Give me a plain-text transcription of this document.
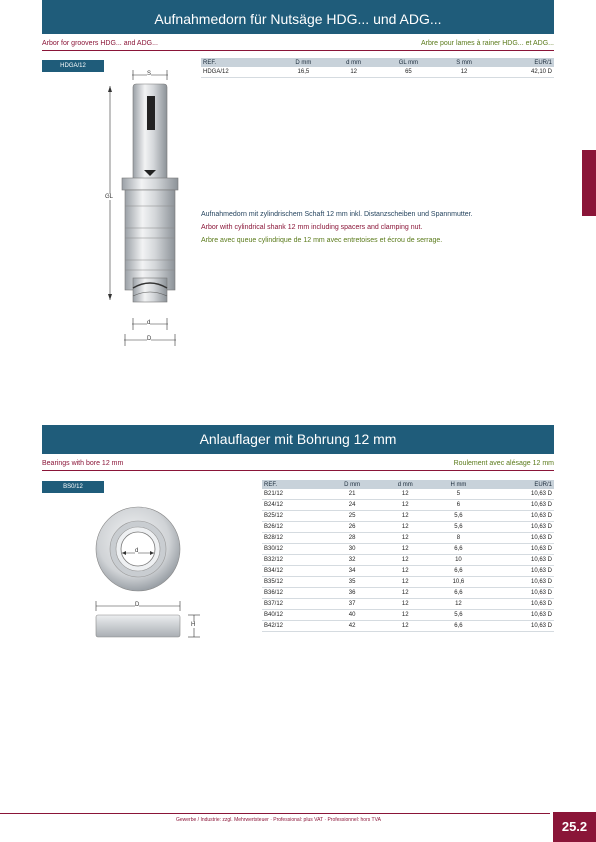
Aufnahmedorn für Nutsäge HDG... und ADG...
Arbor for groovers HDG... and ADG...	Arbre pour lames à rainer HDG... et ADG...
HDGA/12
REF.	D mm	d mm	GL mm	S mm	EUR/1
HDGA/12	16,5	12	65	12	42,10 D
S
GL
d
D
Aufnahmedorn mit zylindrischem Schaft 12 mm inkl. Distanzscheiben und Spannmutter.
Arbor with cylindrical shank 12 mm including spacers and clamping nut.
Arbre avec queue cylindrique de 12 mm avec entretoises et écrou de serrage.
Anlauflager mit Bohrung 12 mm
Bearings with bore 12 mm	Roulement avec alésage 12 mm
BS0/12	REF.	D mm	d mm	H mm	EUR/1
B21/12	21	12	5	10,63 D
B24/12	24	12	6	10,63 D
B25/12	25	12	5,6	10,63 D
B26/12	26	12	5,6	10,63 D
B28/12	28	12	8	10,63 D
B30/12	30	12	6,6	10,63 D
B32/12	32	12	10	10,63 D
B34/12	34	12	6,6	10,63 D
B35/12	35	12	10,6	10,63 D
B36/12	36	12	6,6	10,63 D
B37/12	37	12	12	10,63 D
B40/12	40	12	5,6	10,63 D
B42/12	42	12	6,6	10,63 D
d
D
H
Gewerbe / Industrie: zzgl. Mehrwertsteuer · Professional: plus VAT · Professionnel: hors TVA	25.2
